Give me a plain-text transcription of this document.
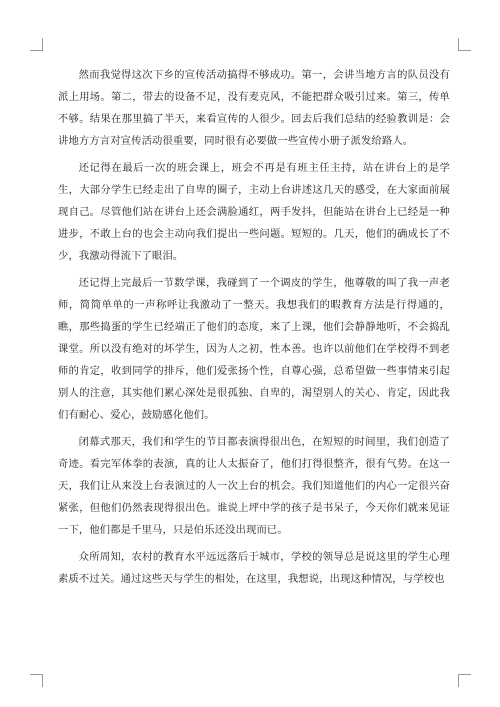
然而我觉得这次下乡的宣传活动搞得不够成功。第一，会讲当地方言的队员没有派上用场。第二，带去的设备不足，没有麦克风，不能把群众吸引过来。第三，传单不够。结果在那里搞了半天，来看宣传的人很少。回去后我们总结的经验教训是：会讲地方方言对宣传活动很重要，同时很有必要做一些宣传小册子派发给路人。

还记得在最后一次的班会课上，班会不再是有班主任主持，站在讲台上的是学生，大部分学生已经走出了自卑的圈子，主动上台讲述这几天的感受，在大家面前展现自己。尽管他们站在讲台上还会满脸通红，两手发抖，但能站在讲台上已经是一种进步，不敢上台的也会主动向我们提出一些问题。短短的。几天，他们的确成长了不少，我激动得流下了眼泪。

还记得上完最后一节数学课，我碰到了一个调皮的学生，他尊敬的叫了我一声老师，简简单单的一声称呼让我激动了一整天。我想我们的暇教育方法是行得通的，瞧，那些捣蛋的学生已经端正了他们的态度，来了上课，他们会静静地听，不会捣乱课堂。所以没有绝对的坏学生，因为人之初，性本善。也许以前他们在学校得不到老师的肯定，收到同学的排斥，他们爱张扬个性，自尊心强，总希望做一些事情来引起别人的注意，其实他们累心深处是很孤独、自卑的，渴望别人的关心、肯定，因此我们有耐心、爱心，鼓励感化他们。

闭幕式那天，我们和学生的节目都表演得很出色，在短短的时间里，我们创造了奇迹。看完军体拳的表演，真的让人太振奋了，他们打得很整齐，很有气势。在这一天，我们让从来没上台表演过的人一次上台的机会。我们知道他们的内心一定很兴奋紧张，但他们仍然表现得很出色。谁说上坪中学的孩子是书呆子，今天你们就来见证一下，他们都是千里马，只是伯乐还没出现而已。

众所周知，农村的教育水平远远落后于城市，学校的领导总是说这里的学生心理素质不过关。通过这些天与学生的相处，在这里，我想说，出现这种情况，与学校也
